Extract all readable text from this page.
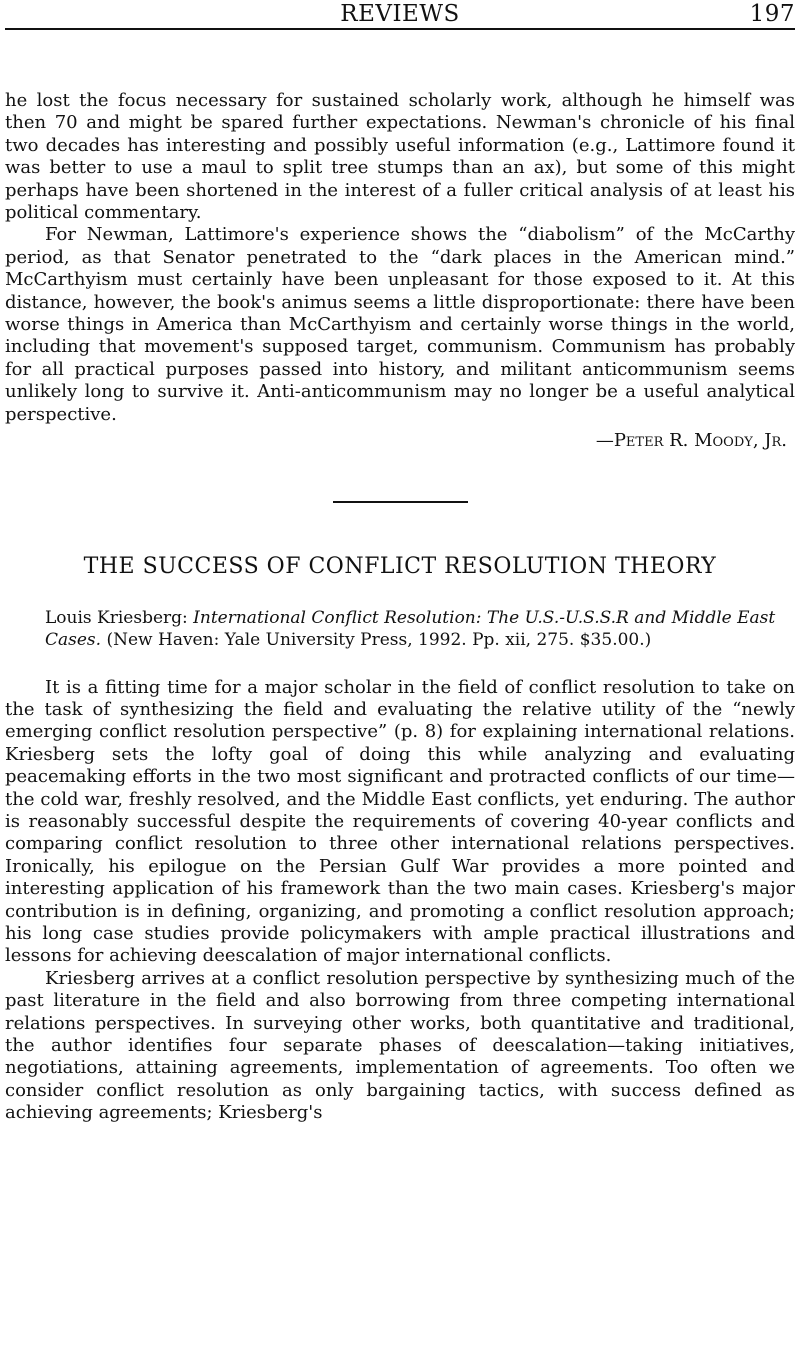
REVIEWS	197

he lost the focus necessary for sustained scholarly work, although he himself was then 70 and might be spared further expectations. Newman's chronicle of his final two decades has interesting and possibly useful information (e.g., Lattimore found it was better to use a maul to split tree stumps than an ax), but some of this might perhaps have been shortened in the interest of a fuller critical analysis of at least his political commentary.

For Newman, Lattimore's experience shows the “diabolism” of the McCarthy period, as that Senator penetrated to the “dark places in the American mind.” McCarthyism must certainly have been unpleasant for those exposed to it. At this distance, however, the book's animus seems a little disproportionate: there have been worse things in America than McCarthyism and certainly worse things in the world, including that movement's supposed target, communism. Communism has probably for all practical purposes passed into history, and militant anticommunism seems unlikely long to survive it. Anti-anticommunism may no longer be a useful analytical perspective.

—Peter R. Moody, Jr.
THE SUCCESS OF CONFLICT RESOLUTION THEORY
Louis Kriesberg: International Conflict Resolution: The U.S.-U.S.S.R and Middle East Cases. (New Haven: Yale University Press, 1992. Pp. xii, 275. $35.00.)

It is a fitting time for a major scholar in the field of conflict resolution to take on the task of synthesizing the field and evaluating the relative utility of the “newly emerging conflict resolution perspective” (p. 8) for explaining international relations. Kriesberg sets the lofty goal of doing this while analyzing and evaluating peacemaking efforts in the two most significant and protracted conflicts of our time—the cold war, freshly resolved, and the Middle East conflicts, yet enduring. The author is reasonably successful despite the requirements of covering 40-year conflicts and comparing conflict resolution to three other international relations perspectives. Ironically, his epilogue on the Persian Gulf War provides a more pointed and interesting application of his framework than the two main cases. Kriesberg's major contribution is in defining, organizing, and promoting a conflict resolution approach; his long case studies provide policymakers with ample practical illustrations and lessons for achieving deescalation of major international conflicts.

Kriesberg arrives at a conflict resolution perspective by synthesizing much of the past literature in the field and also borrowing from three competing international relations perspectives. In surveying other works, both quantitative and traditional, the author identifies four separate phases of deescalation—taking initiatives, negotiations, attaining agreements, implementation of agreements. Too often we consider conflict resolution as only bargaining tactics, with success defined as achieving agreements; Kriesberg's
